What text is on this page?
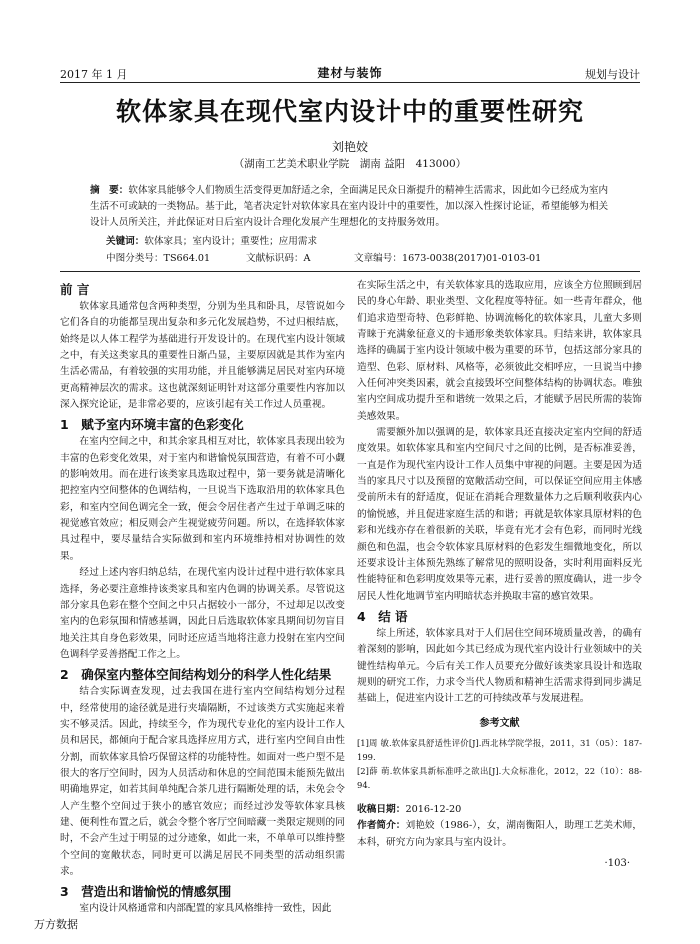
2017 年 1 月	建材与装饰	规划与设计
软体家具在现代室内设计中的重要性研究
刘艳姣
（湖南工艺美术职业学院　湖南 益阳　413000）
摘　要：软体家具能够令人们物质生活变得更加舒适之余，全面满足民众日渐提升的精神生活需求，因此如今已经成为室内生活不可或缺的一类物品。基于此，笔者决定针对软体家具在室内设计中的重要性，加以深入性探讨论证，希望能够为相关设计人员所关注，并此保证对日后室内设计合理化发展产生理想化的支持服务效用。
关键词：软体家具；室内设计；重要性；应用需求
中图分类号：TS664.01	文献标识码：A	文章编号：1673-0038(2017)01-0103-01
前 言

软体家具通常包含两种类型，分别为坐具和卧具，尽管说如今它们各自的功能都呈现出复杂和多元化发展趋势，不过归根结底，始终是以人体工程学为基础进行开发设计的。在现代室内设计领域之中，有关这类家具的重要性日渐凸显，主要原因就是其作为室内生活必需品，有着较强的实用功能，并且能够满足居民对室内环境更高精神层次的需求。这也就深刻证明针对这部分重要性内容加以深入探究论证，是非常必要的，应该引起有关工作过人员重视。

1　赋予室内环境丰富的色彩变化

在室内空间之中，和其余家具相互对比，软体家具表现出较为丰富的色彩变化效果，对于室内和谐愉悦氛围营造，有着不可小觑的影响效用。而在进行该类家具选取过程中，第一要务就是清晰化把控室内空间整体的色调结构，一旦说当下选取沿用的软体家具色彩，和室内空间色调完全一致，便会令居住者产生过于单调乏味的视觉感官效应；相反则会产生视觉疲劳问题。所以，在选择软体家具过程中，要尽量结合实际做到和室内环境维持相对协调性的效果。

经过上述内容归纳总结，在现代室内设计过程中进行软体家具选择，务必要注意维持该类家具和室内色调的协调关系。尽管说这部分家具色彩在整个空间之中只占据较小一部分，不过却足以改变室内的色彩氛围和情感基调，因此日后选取软体家具期间切勿盲目地关注其自身色彩效果，同时还应适当地将注意力投射在室内空间色调科学妥善搭配工作之上。

2　确保室内整体空间结构划分的科学人性化结果

结合实际调查发现，过去我国在进行室内空间结构划分过程中，经常使用的途径就是进行夹墙隔断，不过该类方式实施起来着实不够灵活。因此，持续至今，作为现代专业化的室内设计工作人员和居民，都倾向于配合家具选择应用方式，进行室内空间自由性分割，而软体家具恰巧保留这样的功能特性。如面对一些户型不是很大的客厅空间时，因为人员活动和休息的空间范围未能预先做出明确地界定，如若其间单纯配合茶几进行隔断处理的话，未免会令人产生整个空间过于狭小的感官效应；而经过沙发等软体家具核建、便利性布置之后，就会令整个客厅空间暗藏一类限定规则的同时，不会产生过于明显的过分迹象，如此一来，不单单可以维持整个空间的宽敞状态，同时更可以满足居民不同类型的活动组织需求。

3　营造出和谐愉悦的情感氛围

室内设计风格通常和内部配置的家具风格维持一致性，因此

在实际生活之中，有关软体家具的选取应用，应该全方位照顾到居民的身心年龄、职业类型、文化程度等特征。如一些青年群众，他们追求造型奇特、色彩鲜艳、协调流畅化的软体家具，儿童大多则青睐于充满象征意义的卡通形象类软体家具。归结来讲，软体家具选择的确属于室内设计领域中极为重要的环节，包括这部分家具的造型、色彩、原材料、风格等，必须彼此交相呼应，一旦说当中掺入任何冲突类因素，就会直接毁坏空间整体结构的协调状态。唯独室内空间成功提升至和谐统一效果之后，才能赋予居民所需的装饰美感效果。

需要额外加以强调的是，软体家具还直接决定室内空间的舒适度效果。如软体家具和室内空间尺寸之间的比例，是否标准妥善，一直是作为现代室内设计工作人员集中审视的问题。主要是因为适当的家具尺寸以及预留的宽敞活动空间，可以保证空间应用主体感受前所未有的舒适度，促证在消耗合理数量体力之后顺利收获内心的愉悦感，并且促进家庭生活的和谐；再就是软体家具原材料的色彩和光线亦存在着很新的关联，毕竟有光才会有色彩，而同时光线颜色和色温，也会令软体家具原材料的色彩发生细微地变化，所以还要求设计主体预先熟练了解常见的照明设备，实时利用面料反光性能特征和色彩明度效果等元素，进行妥善的照度确认，进一步令居民人性化地调节室内明暗状态并换取丰富的感官效果。

4　结 语

综上所述，软体家具对于人们居住空间环境质量改善，的确有着深刻的影响，因此如今其已经成为现代室内设计行业领域中的关键性结构单元。今后有关工作人员要充分做好该类家具设计和选取规则的研究工作，力求令当代人物质和精神生活需求得到同步满足基础上，促进室内设计工艺的可持续改革与发展进程。

参考文献

[1]周 敏.软体家具舒适性评价[J].西北林学院学报，2011，31（05）：187-199.

[2]薛 萌.软体家具新标准呼之欲出[J].大众标准化，2012，22（10）：88-94.

收稿日期：2016-12-20

作者简介：刘艳姣（1986-），女，湖南衡阳人，助理工艺美术师，本科，研究方向为家具与室内设计。

·103·
万方数据
